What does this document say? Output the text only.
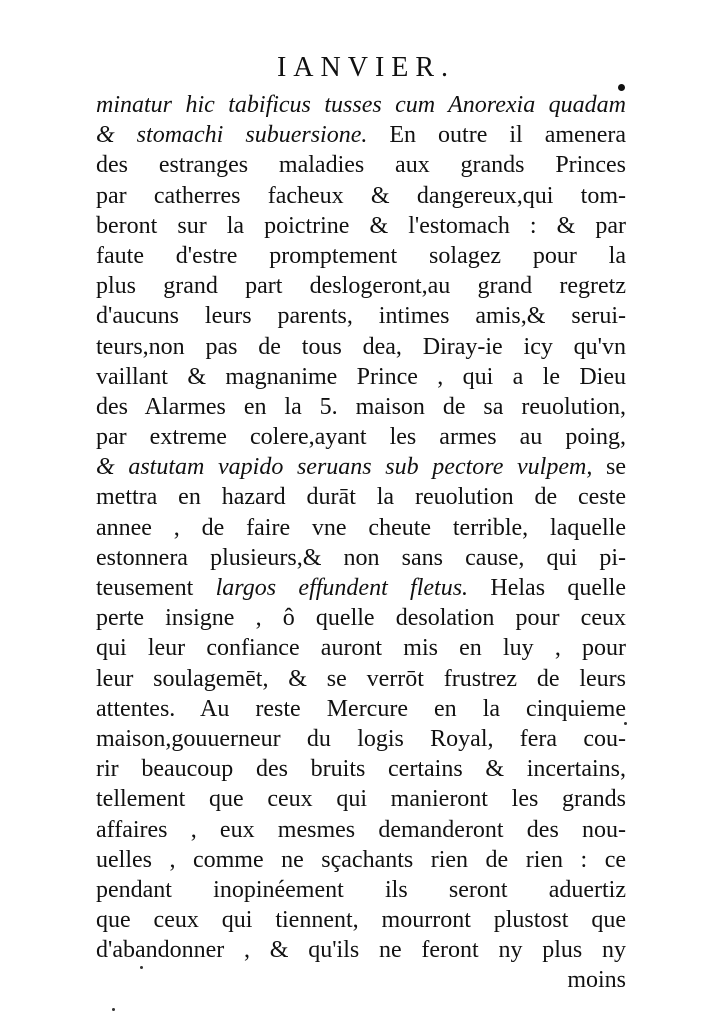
IANVIER.
minatur hic tabificus tusses cum Anorexia quadam
& stomachi subuersione. En outre il amenera
des estranges maladies aux grands Princes
par catherres facheux & dangereux,qui tom-
beront sur la poictrine & l'estomach : & par
faute d'estre promptement solagez pour la
plus grand part deslogeront,au grand regretz
d'aucuns leurs parents, intimes amis,& serui-
teurs,non pas de tous dea, Diray-ie icy qu'vn
vaillant & magnanime Prince , qui a le Dieu
des Alarmes en la 5. maison de sa reuolution,
par extreme colere,ayant les armes au poing,
& astutam vapido seruans sub pectore vulpem, se
mettra en hazard durāt la reuolution de ceste
annee , de faire vne cheute terrible, laquelle
estonnera plusieurs,& non sans cause, qui pi-
teusement largos effundent fletus. Helas quelle
perte insigne , ô quelle desolation pour ceux
qui leur confiance auront mis en luy , pour
leur soulagemēt, & se verrōt frustrez de leurs
attentes. Au reste Mercure en la cinquieme
maison,gouuerneur du logis Royal, fera cou-
rir beaucoup des bruits certains & incertains,
tellement que ceux qui manieront les grands
affaires , eux mesmes demanderont des nou-
uelles , comme ne sçachants rien de rien : ce
pendant inopinéement ils seront aduertiz
que ceux qui tiennent, mourront plustost que
d'abandonner , & qu'ils ne feront ny plus ny
moins
